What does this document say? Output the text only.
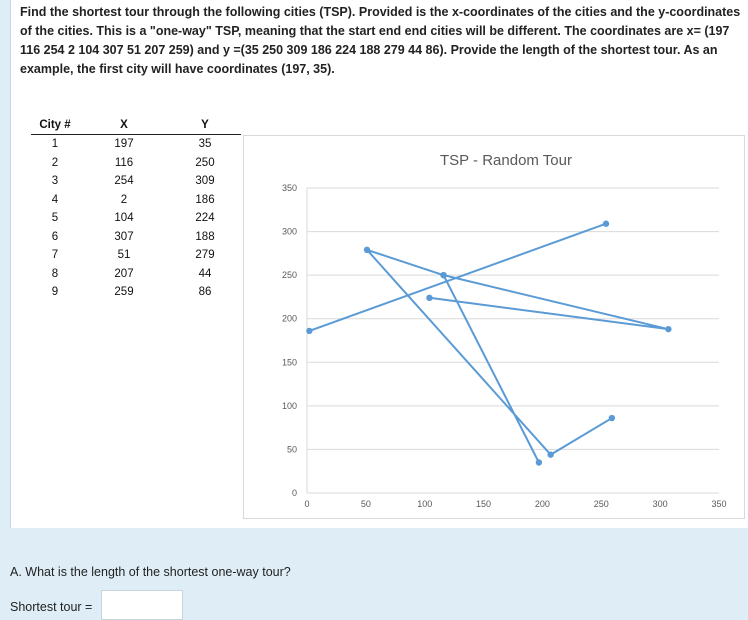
Find the shortest tour through the following cities (TSP). Provided is the x-coordinates of the cities and the y-coordinates of the cities. This is a "one-way" TSP, meaning that the start end end cities will be different. The coordinates are x= (197 116 254 2 104 307 51 207 259) and y =(35 250 309 186 224 188 279 44 86). Provide the length of the shortest tour. As an example, the first city will have coordinates (197, 35).
City #	X	Y
1	197	35
2	116	250
3	254	309
4	2	186
5	104	224
6	307	188
7	51	279
8	207	44
9	259	86
TSP - Random Tour
0
50
100
150
200
250
300
350
0	50	100	150	200	250	300	350
A. What is the length of the shortest one-way tour?
Shortest tour =
